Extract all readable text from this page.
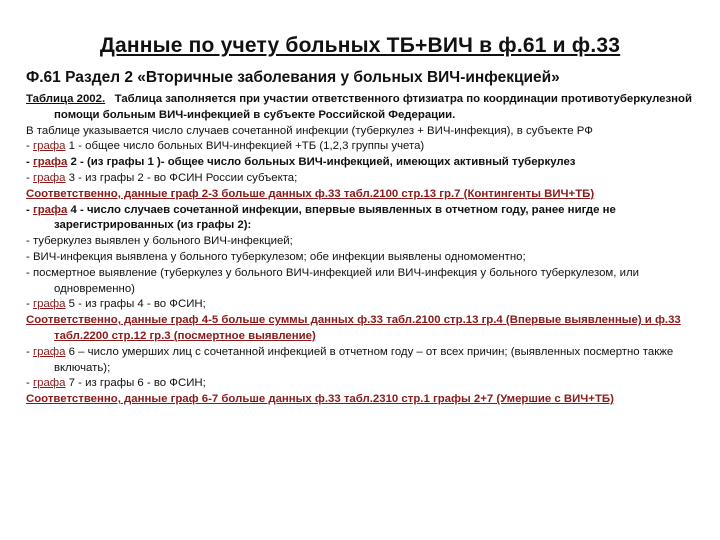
Данные по учету больных ТБ+ВИЧ в ф.61 и ф.33
Ф.61 Раздел 2 «Вторичные заболевания у больных ВИЧ-инфекцией»

Таблица 2002. Таблица заполняется при участии ответственного фтизиатра по координации противотуберкулезной помощи больным ВИЧ-инфекцией в субъекте Российской Федерации.

В таблице указывается число случаев сочетанной инфекции (туберкулез + ВИЧ-инфекция), в субъекте РФ

- графа 1 - общее число больных ВИЧ-инфекцией +ТБ (1,2,3 группы учета)

- графа 2 - (из графы 1 )- общее число больных ВИЧ-инфекцией, имеющих активный туберкулез

- графа 3 - из графы 2 - во ФСИН России субъекта;

Соответственно, данные граф 2-3 больше данных ф.33 табл.2100 стр.13 гр.7 (Контингенты ВИЧ+ТБ)

- графа 4 - число случаев сочетанной инфекции, впервые выявленных в отчетном году, ранее нигде не зарегистрированных (из графы 2):

- туберкулез выявлен у больного ВИЧ-инфекцией;

- ВИЧ-инфекция выявлена у больного туберкулезом; обе инфекции выявлены одномоментно;

- посмертное выявление (туберкулез у больного ВИЧ-инфекцией или ВИЧ-инфекция у больного туберкулезом, или одновременно)

- графа 5 - из графы 4 - во ФСИН;

Соответственно, данные граф 4-5 больше суммы данных ф.33 табл.2100 стр.13 гр.4 (Впервые выявленные) и ф.33 табл.2200 стр.12 гр.3 (посмертное выявление)

- графа 6 – число умерших лиц с сочетанной инфекцией в отчетном году – от всех причин; (выявленных посмертно также включать);

- графа 7 - из графы 6 - во ФСИН;

Соответственно, данные граф 6-7 больше данных ф.33 табл.2310 стр.1 графы 2+7 (Умершие с ВИЧ+ТБ)
